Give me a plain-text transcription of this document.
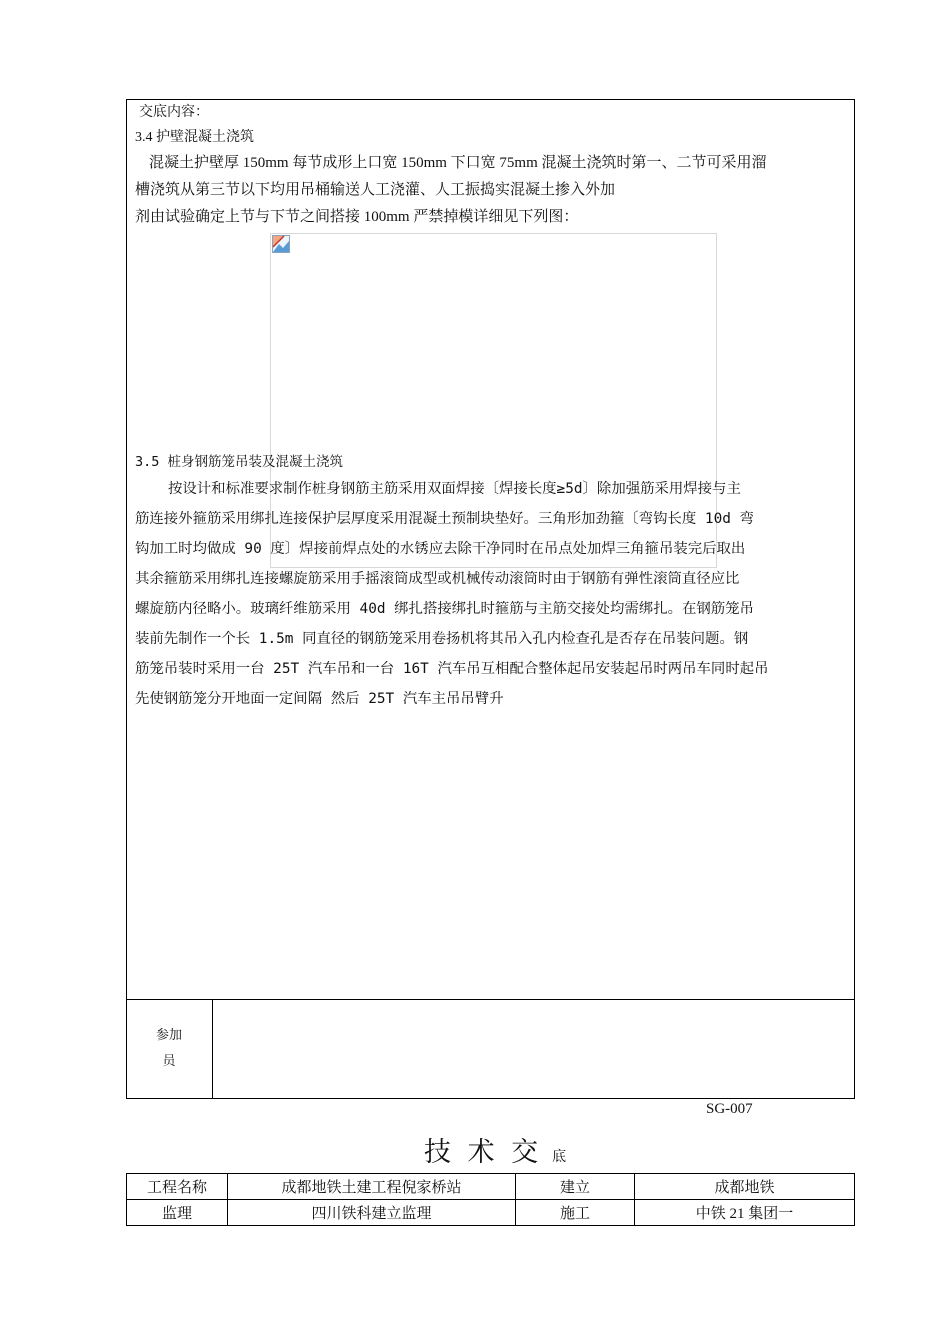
交底内容：
3.4 护壁混凝土浇筑

混凝土护壁厚 150mm 每节成形上口宽 150mm 下口宽 75mm 混凝土浇筑时第一、二节可采用溜

槽浇筑从第三节以下均用吊桶输送人工浇灌、人工振捣实混凝土掺入外加

剂由试验确定上节与下节之间搭接 100mm 严禁掉模详细见下列图：

3.5 桩身钢筋笼吊装及混凝土浇筑

按设计和标准要求制作桩身钢筋主筋采用双面焊接〔焊接长度≥5d〕除加强筋采用焊接与主

筋连接外箍筋采用绑扎连接保护层厚度采用混凝土预制块垫好。三角形加劲箍〔弯钩长度 10d 弯

钩加工时均做成 90 度〕焊接前焊点处的水锈应去除干净同时在吊点处加焊三角箍吊装完后取出

其余箍筋采用绑扎连接螺旋筋采用手摇滚筒成型或机械传动滚筒时由于钢筋有弹性滚筒直径应比

螺旋筋内径略小。玻璃纤维筋采用 40d 绑扎搭接绑扎时箍筋与主筋交接处均需绑扎。在钢筋笼吊

装前先制作一个长 1.5m 同直径的钢筋笼采用卷扬机将其吊入孔内检查孔是否存在吊装问题。钢

筋笼吊装时采用一台 25T 汽车吊和一台 16T 汽车吊互相配合整体起吊安装起吊时两吊车同时起吊

先使钢筋笼分开地面一定间隔 然后 25T 汽车主吊吊臂升

参加
员
SG-007
技 术 交 底
工程名称	成都地铁土建工程倪家桥站	建立	成都地铁
监理	四川铁科建立监理	施工	中铁 21 集团一
